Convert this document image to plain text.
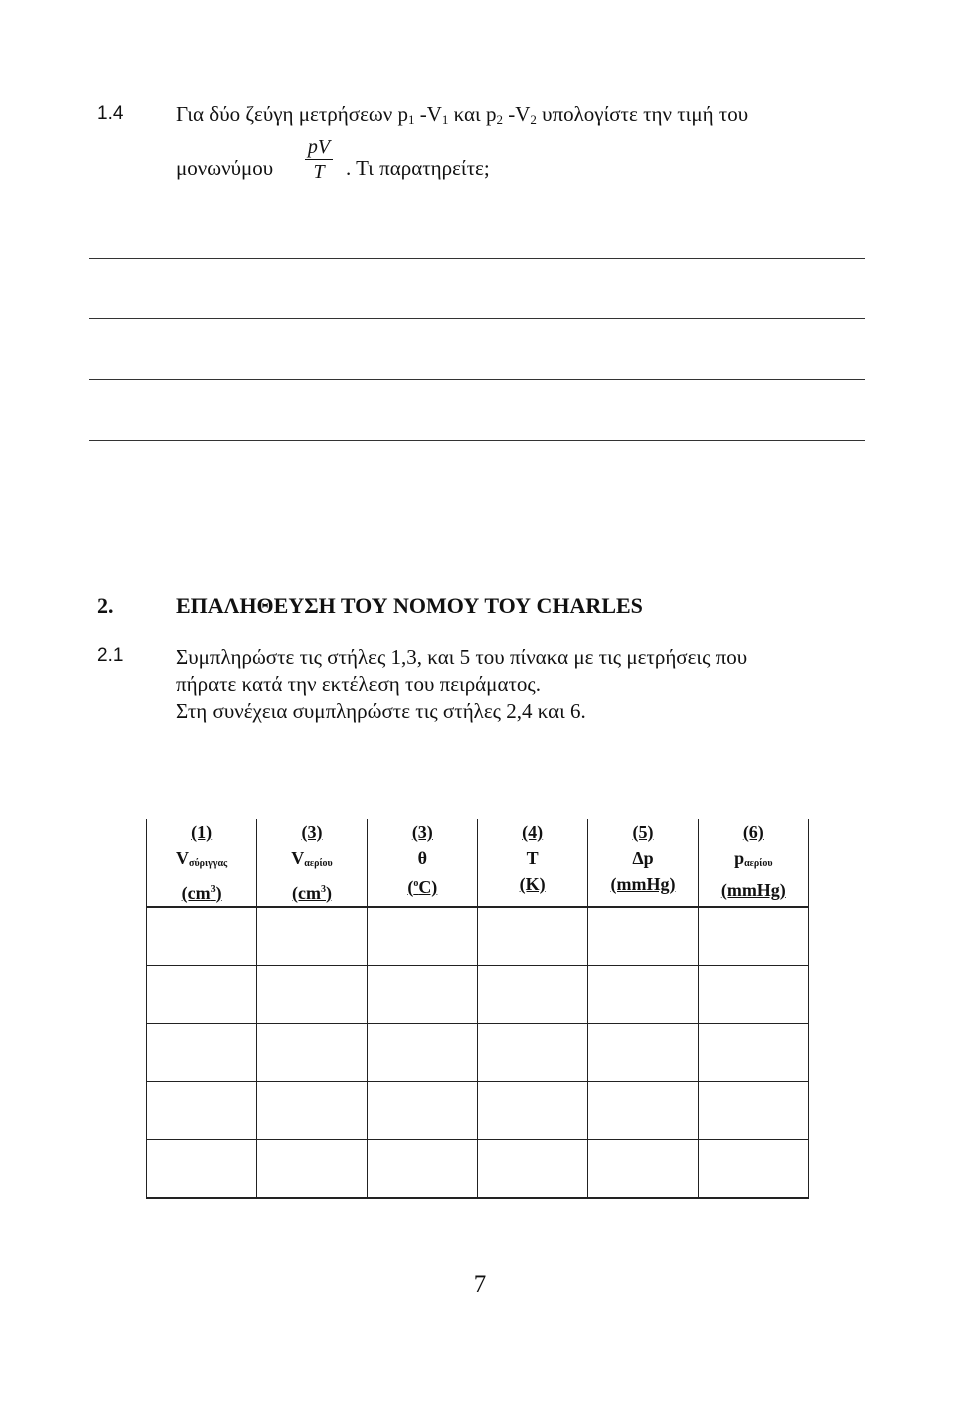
1.4	Για δύο ζεύγη μετρήσεων $p_1$ $-V_1$ και $p_2$ $-V_2$ υπολογίστε την τιμή του
μονωνύμου
pV
T	. Τι παρατηρείτε;
2.	ΕΠΑΛΗΘΕΥΣΗ ΤΟΥ ΝΟΜΟΥ ΤΟΥ CHARLES
2.1	Συμπληρώστε τις στήλες 1,3, και 5 του πίνακα με τις μετρήσεις που
πήρατε κατά την εκτέλεση του πειράματος.
Στη συνέχεια συμπληρώστε τις στήλες 2,4 και 6.
(1)
Vσύριγγας
$(cm^3)$	(3)
Vαερίου
$(cm^3)$	(3)
θ
($^o$C)	(4)
T
(K)	(5)
Δp
(mmHg)	(6)
pαερίου
(mmHg)

7
